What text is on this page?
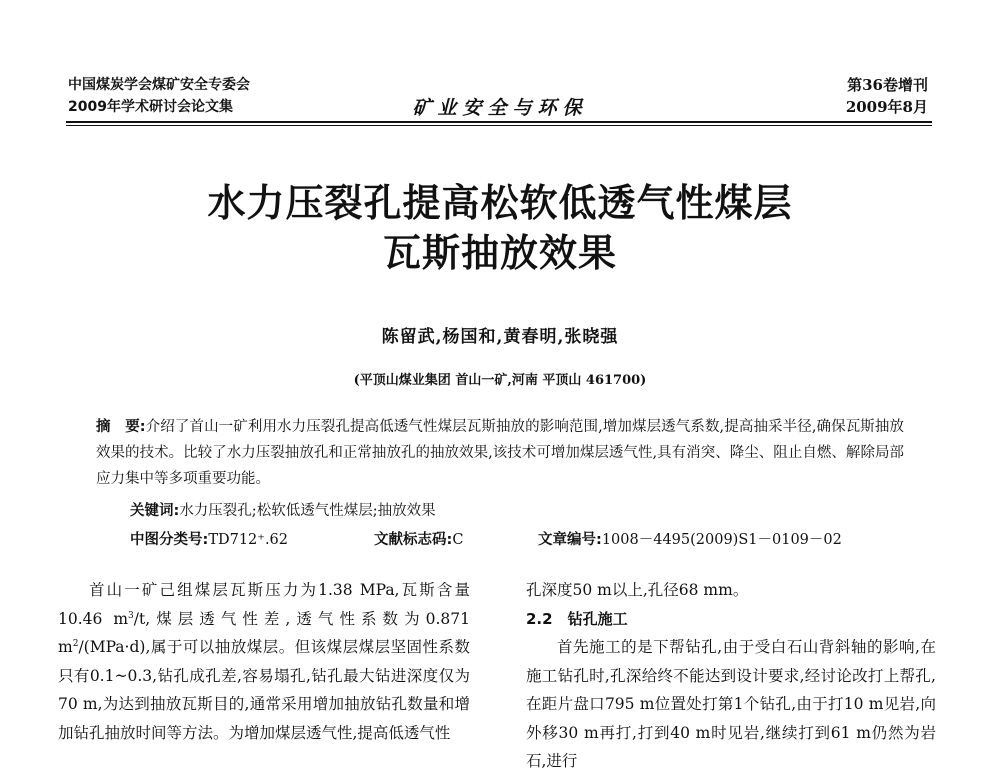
中国煤炭学会煤矿安全专委会
2009年学术研讨会论文集	矿业安全与环保
第36卷增刊
2009年8月
水力压裂孔提高松软低透气性煤层
瓦斯抽放效果
陈留武,杨国和,黄春明,张晓强
(平顶山煤业集团 首山一矿,河南 平顶山 461700)
摘　要:介绍了首山一矿利用水力压裂孔提高低透气性煤层瓦斯抽放的影响范围,增加煤层透气系数,提高抽采半径,确保瓦斯抽放效果的技术。比较了水力压裂抽放孔和正常抽放孔的抽放效果,该技术可增加煤层透气性,具有消突、降尘、阻止自燃、解除局部应力集中等多项重要功能。
关键词:水力压裂孔;松软低透气性煤层;抽放效果
中图分类号:TD712⁺.62	文献标志码:C	文章编号:1008－4495(2009)S1－0109－02

首山一矿己组煤层瓦斯压力为1.38 MPa,瓦斯含量10.46 $m^3/t$,煤层透气性差,透气性系数为0.871 $m^2/(MPa\cdot d)$,属于可以抽放煤层。但该煤层煤层坚固性系数只有0.1~0.3,钻孔成孔差,容易塌孔,钻孔最大钻进深度仅为70 m,为达到抽放瓦斯目的,通常采用增加抽放钻孔数量和增加钻孔抽放时间等方法。为增加煤层透气性,提高低透气性

孔深度50 m以上,孔径68 mm。

2.2　钻孔施工

首先施工的是下帮钻孔,由于受白石山背斜轴的影响,在施工钻孔时,孔深给终不能达到设计要求,经讨论改打上帮孔,在距片盘口795 m位置处打第1个钻孔,由于打10 m见岩,向外移30 m再打,打到40 m时见岩,继续打到61 m仍然为岩石,进行
